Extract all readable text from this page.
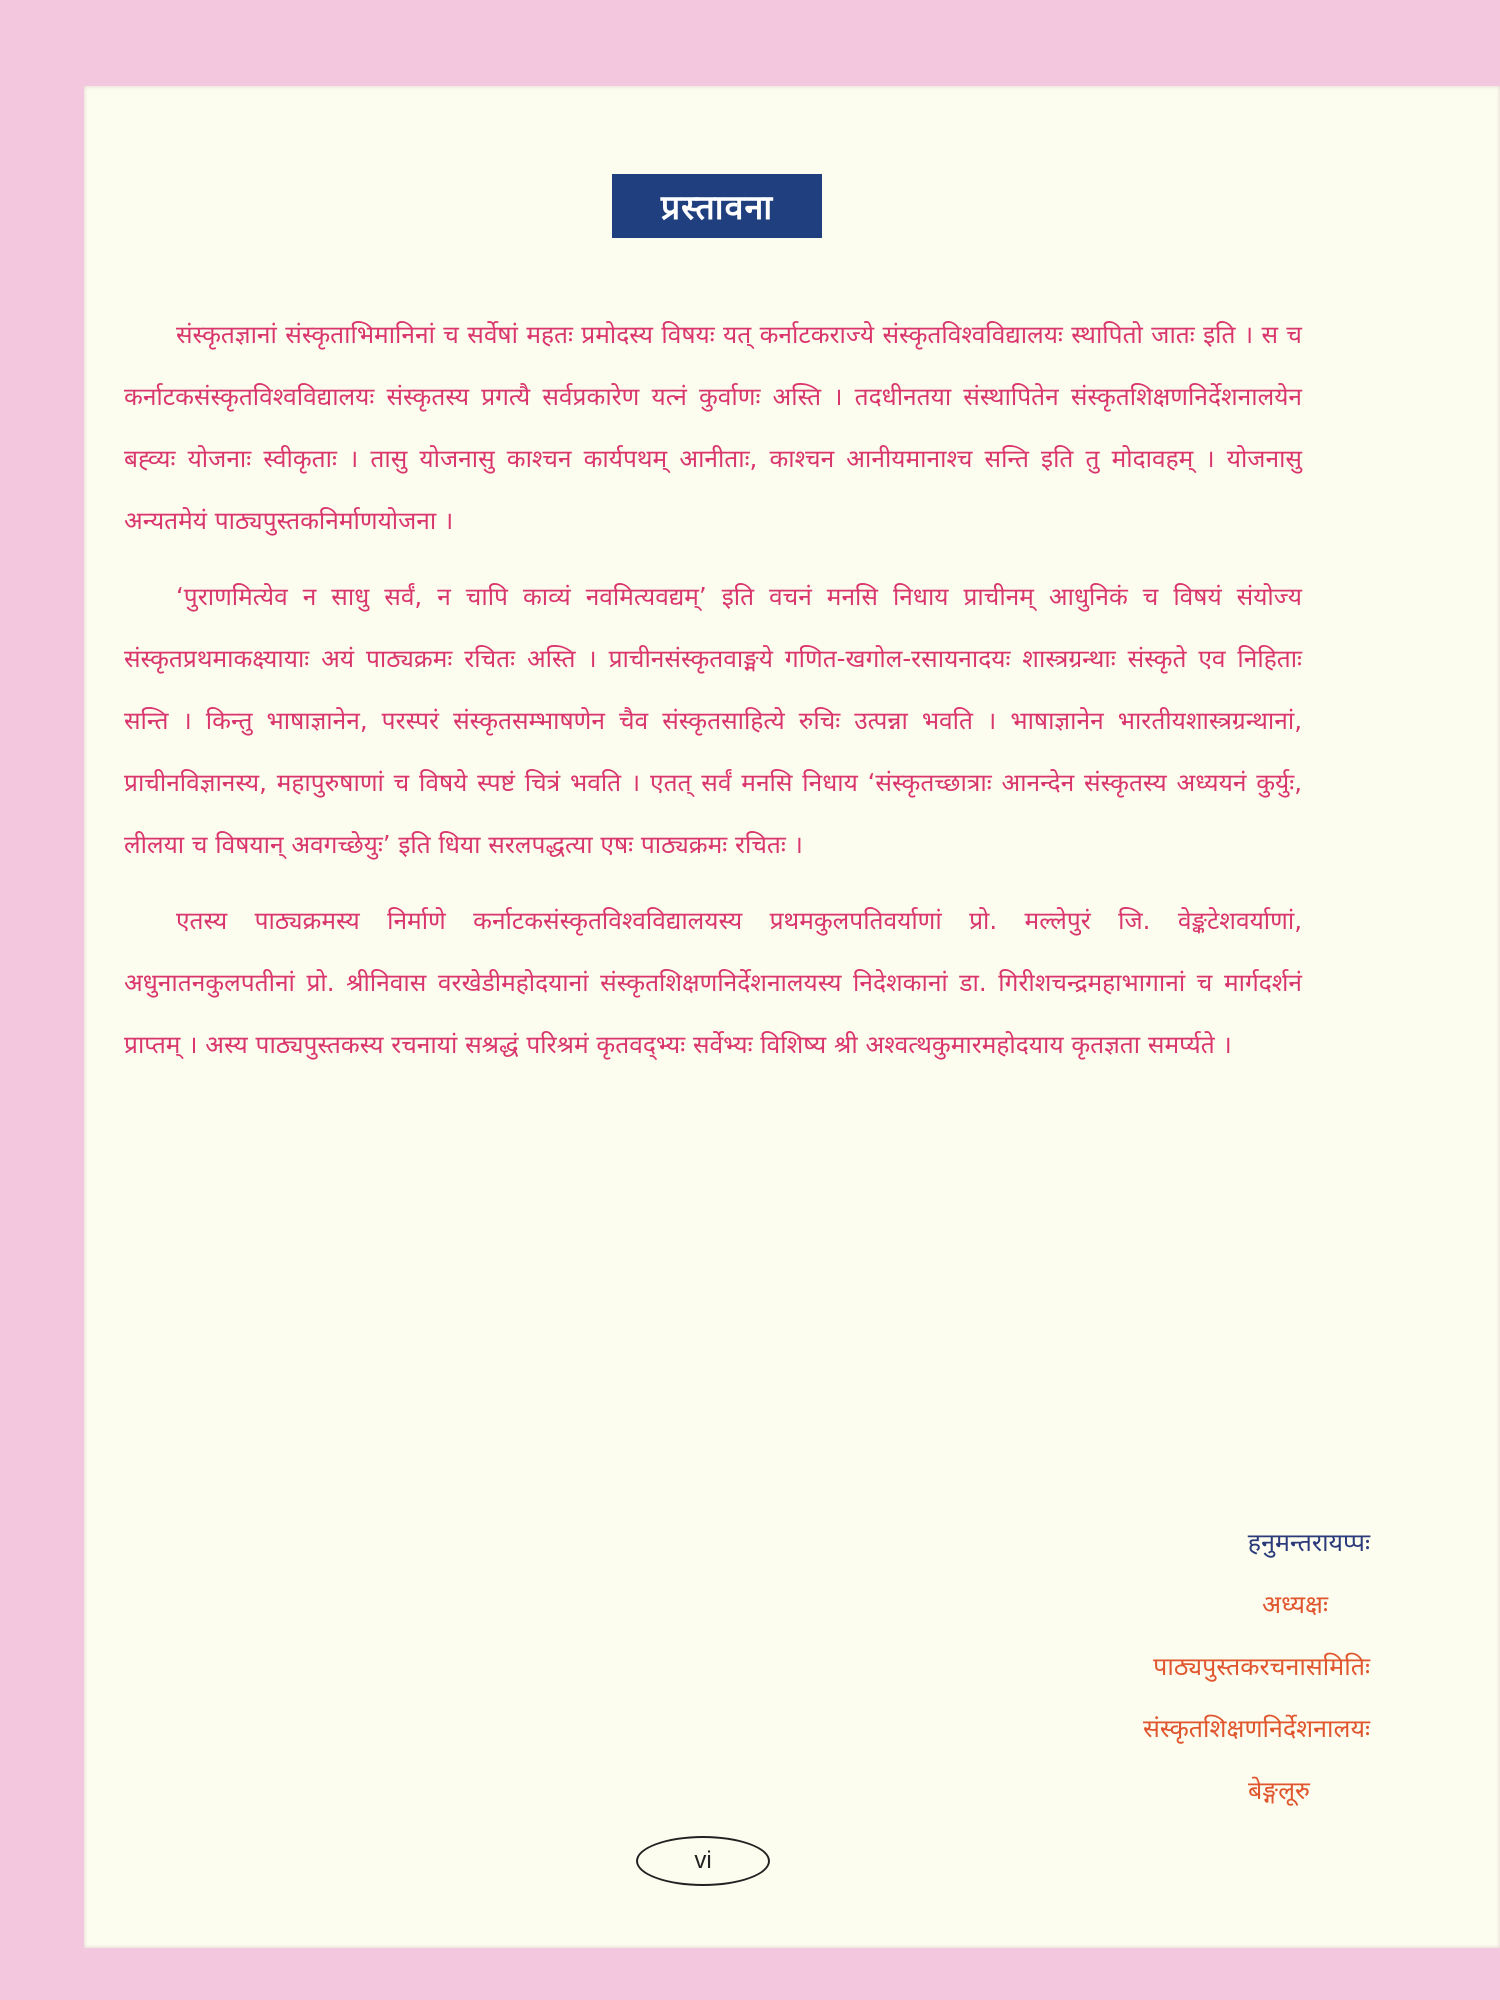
प्रस्तावना

संस्कृतज्ञानां संस्कृताभिमानिनां च सर्वेषां महतः प्रमोदस्य विषयः यत् कर्नाटकराज्ये संस्कृतविश्वविद्यालयः स्थापितो जातः इति । स च कर्नाटकसंस्कृतविश्वविद्यालयः संस्कृतस्य प्रगत्यै सर्वप्रकारेण यत्नं कुर्वाणः अस्ति । तदधीनतया संस्थापितेन संस्कृतशिक्षणनिर्देशनालयेन बह्व्यः योजनाः स्वीकृताः । तासु योजनासु काश्चन कार्यपथम् आनीताः, काश्चन आनीयमानाश्च सन्ति इति तु मोदावहम् । योजनासु अन्यतमेयं पाठ्यपुस्तकनिर्माणयोजना ।

‘पुराणमित्येव न साधु सर्वं, न चापि काव्यं नवमित्यवद्यम्’ इति वचनं मनसि निधाय प्राचीनम् आधुनिकं च विषयं संयोज्य संस्कृतप्रथमाकक्ष्यायाः अयं पाठ्यक्रमः रचितः अस्ति । प्राचीनसंस्कृतवाङ्मये गणित-खगोल-रसायनादयः शास्त्रग्रन्थाः संस्कृते एव निहिताः सन्ति । किन्तु भाषाज्ञानेन, परस्परं संस्कृतसम्भाषणेन चैव संस्कृतसाहित्ये रुचिः उत्पन्ना भवति । भाषाज्ञानेन भारतीयशास्त्रग्रन्थानां, प्राचीनविज्ञानस्य, महापुरुषाणां च विषये स्पष्टं चित्रं भवति । एतत् सर्वं मनसि निधाय ‘संस्कृतच्छात्राः आनन्देन संस्कृतस्य अध्ययनं कुर्युः, लीलया च विषयान् अवगच्छेयुः’ इति धिया सरलपद्धत्या एषः पाठ्यक्रमः रचितः ।

एतस्य पाठ्यक्रमस्य निर्माणे कर्नाटकसंस्कृतविश्वविद्यालयस्य प्रथमकुलपतिवर्याणां प्रो. मल्लेपुरं जि. वेङ्कटेशवर्याणां, अधुनातनकुलपतीनां प्रो. श्रीनिवास वरखेडीमहोदयानां संस्कृतशिक्षणनिर्देशनालयस्य निदेशकानां डा. गिरीशचन्द्रमहाभागानां च मार्गदर्शनं प्राप्तम् । अस्य पाठ्यपुस्तकस्य रचनायां सश्रद्धं परिश्रमं कृतवद्भ्यः सर्वेभ्यः विशिष्य श्री अश्वत्थकुमारमहोदयाय कृतज्ञता समर्प्यते ।

हनुमन्तरायप्पः
अध्यक्षः
पाठ्यपुस्तकरचनासमितिः
संस्कृतशिक्षणनिर्देशनालयः
बेङ्गलूरु
vi
